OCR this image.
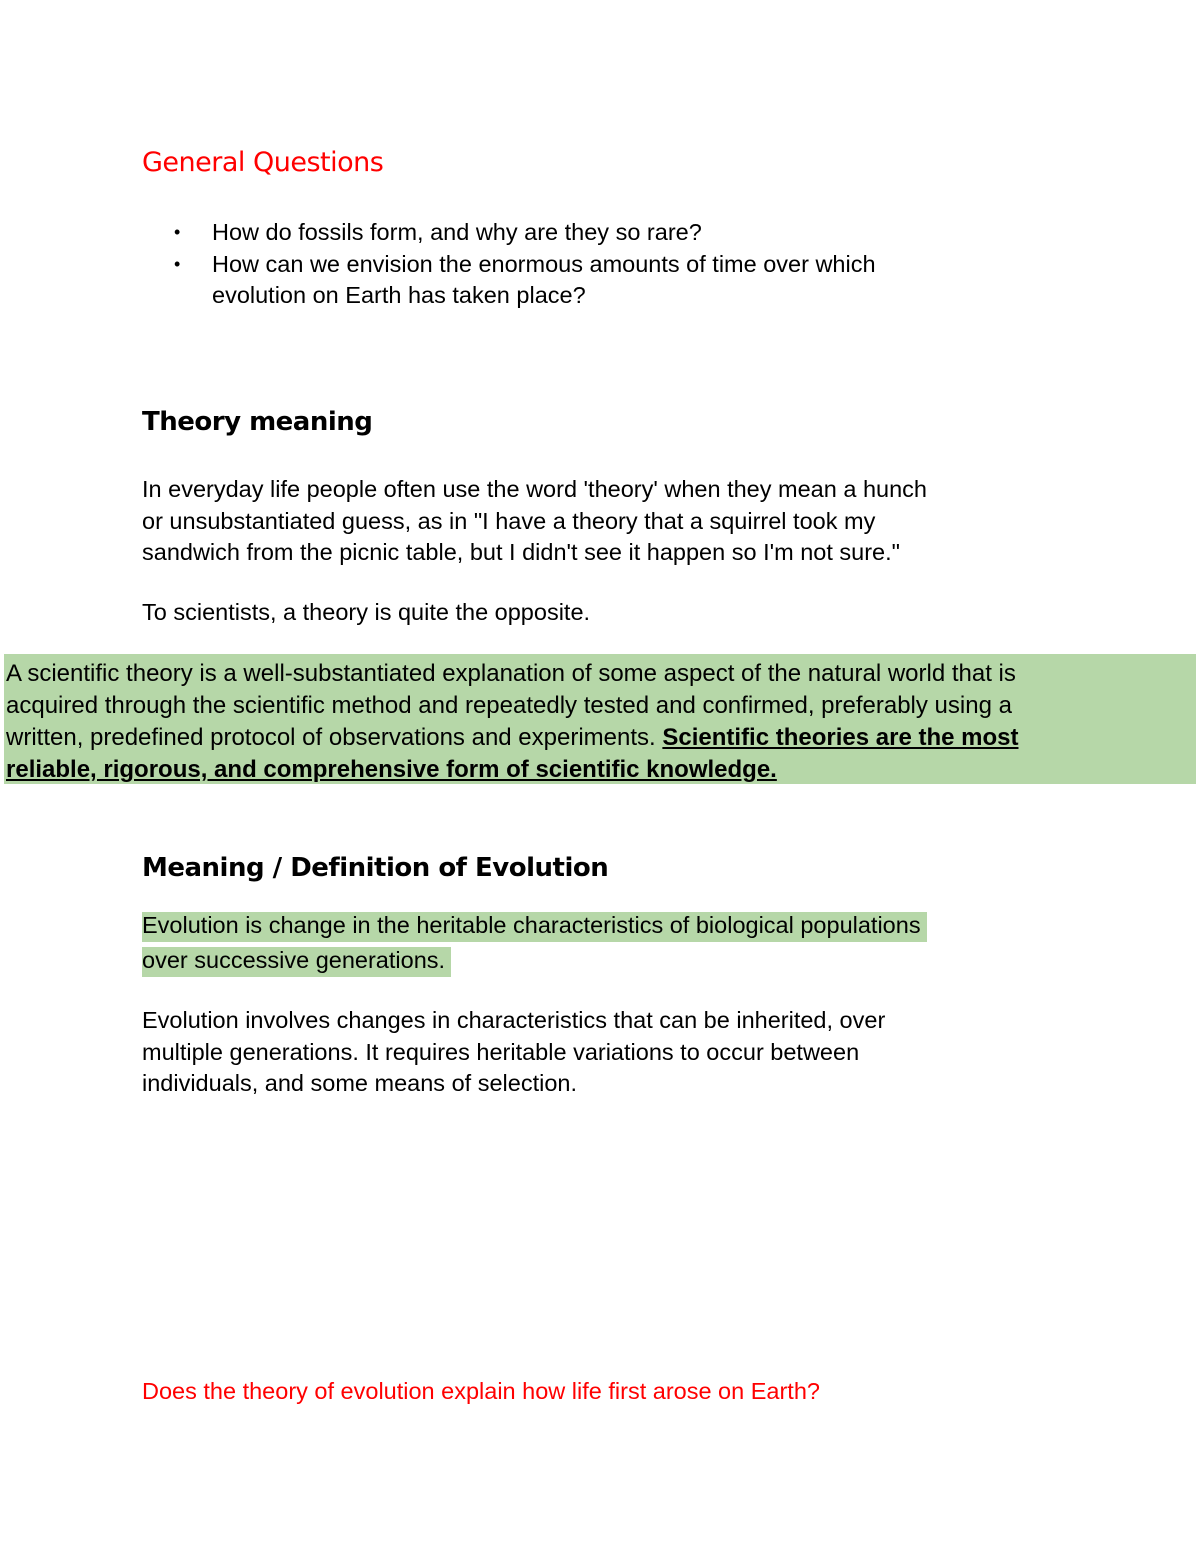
General Questions
• How do fossils form, and why are they so rare?
• How can we envision the enormous amounts of time over which
evolution on Earth has taken place?
Theory meaning

In everyday life people often use the word 'theory' when they mean a hunch
or unsubstantiated guess, as in "I have a theory that a squirrel took my
sandwich from the picnic table, but I didn't see it happen so I'm not sure."

To scientists, a theory is quite the opposite.

A scientific theory is a well-substantiated explanation of some aspect of the natural world that is
acquired through the scientific method and repeatedly tested and confirmed, preferably using a
written, predefined protocol of observations and experiments. Scientific theories are the most
reliable, rigorous, and comprehensive form of scientific knowledge.

Meaning / Definition of Evolution

Evolution is change in the heritable characteristics of biological populations
over successive generations.

Evolution involves changes in characteristics that can be inherited, over
multiple generations. It requires heritable variations to occur between
individuals, and some means of selection.

Does the theory of evolution explain how life first arose on Earth?
